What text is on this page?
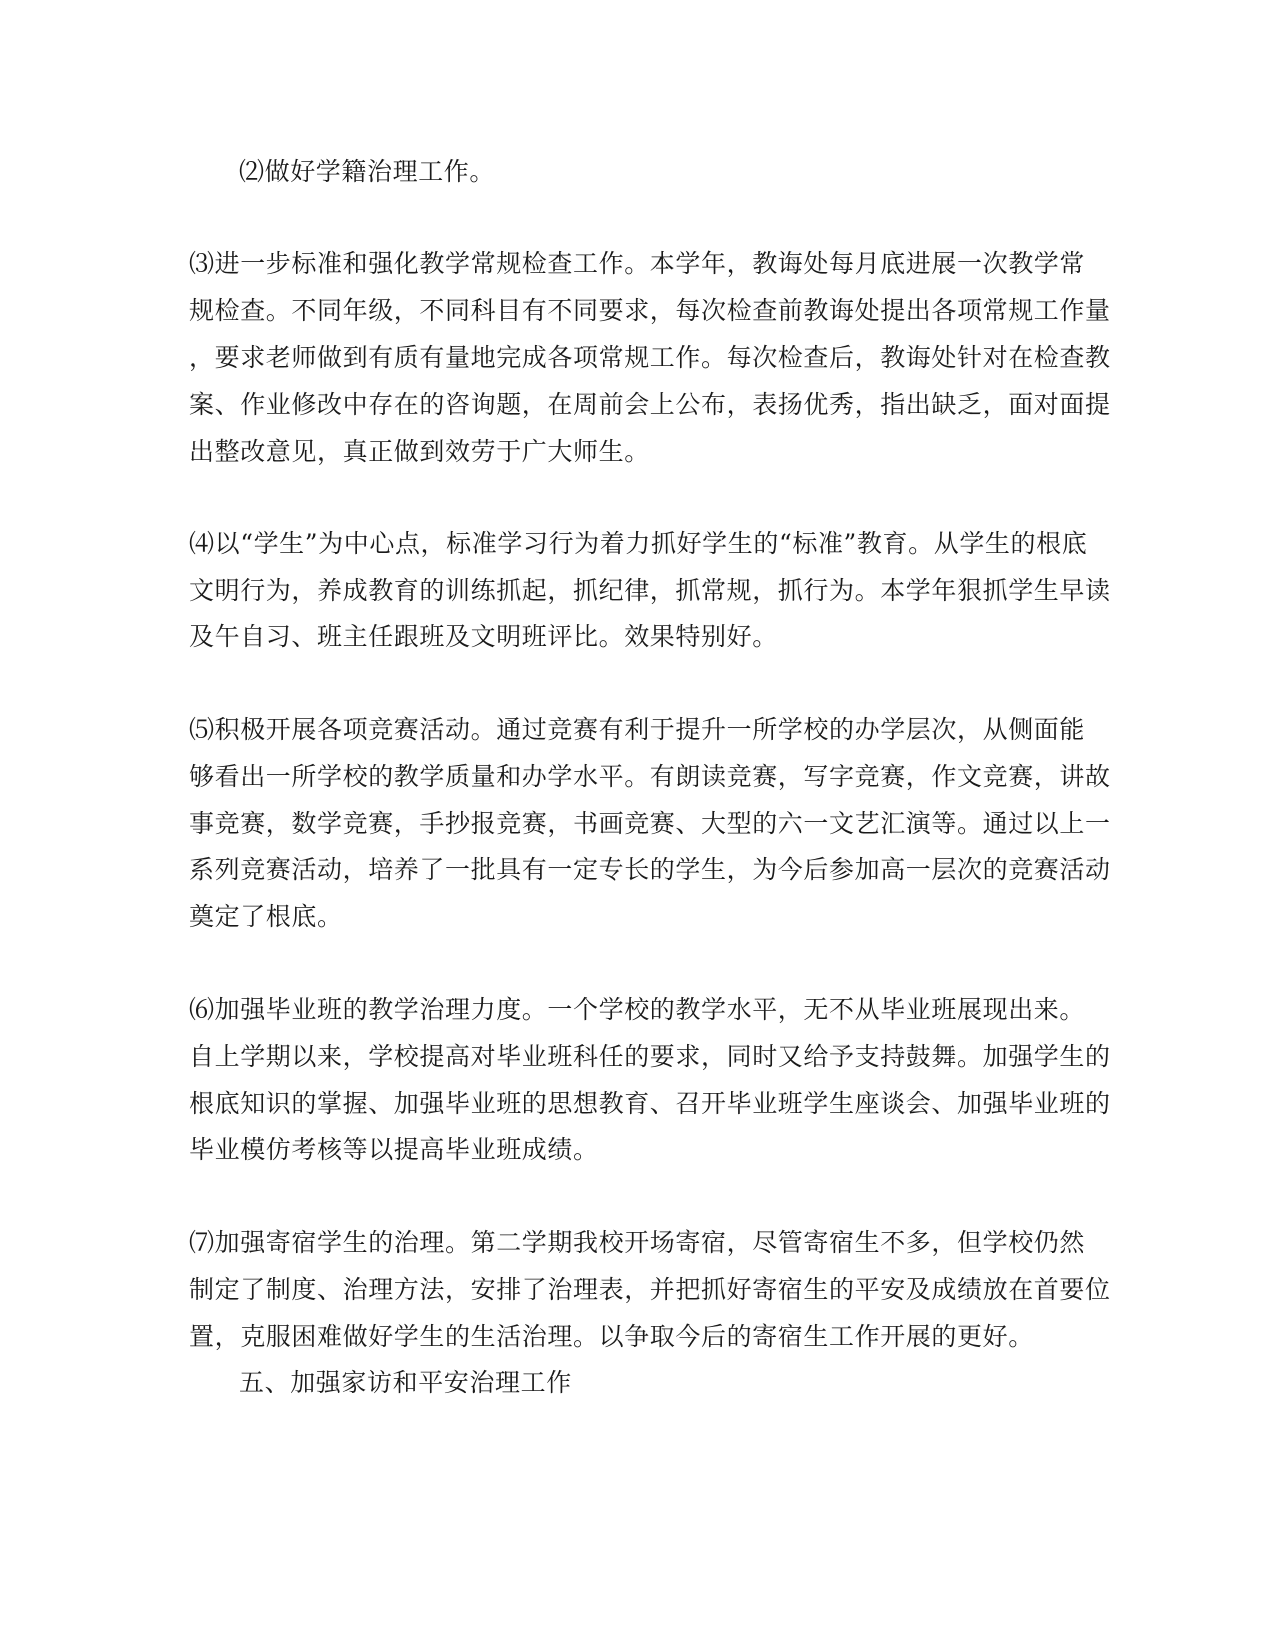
⑵做好学籍治理工作。
⑶进一步标准和强化教学常规检查工作。本学年，教诲处每月底进展一次教学常
规检查。不同年级，不同科目有不同要求，每次检查前教诲处提出各项常规工作量
，要求老师做到有质有量地完成各项常规工作。每次检查后，教诲处针对在检查教
案、作业修改中存在的咨询题，在周前会上公布，表扬优秀，指出缺乏，面对面提
出整改意见，真正做到效劳于广大师生。
⑷以“学生”为中心点，标准学习行为着力抓好学生的“标准”教育。从学生的根底
文明行为，养成教育的训练抓起，抓纪律，抓常规，抓行为。本学年狠抓学生早读
及午自习、班主任跟班及文明班评比。效果特别好。
⑸积极开展各项竞赛活动。通过竞赛有利于提升一所学校的办学层次，从侧面能
够看出一所学校的教学质量和办学水平。有朗读竞赛，写字竞赛，作文竞赛，讲故
事竞赛，数学竞赛，手抄报竞赛，书画竞赛、大型的六一文艺汇演等。通过以上一
系列竞赛活动，培养了一批具有一定专长的学生，为今后参加高一层次的竞赛活动
奠定了根底。
⑹加强毕业班的教学治理力度。一个学校的教学水平，无不从毕业班展现出来。
自上学期以来，学校提高对毕业班科任的要求，同时又给予支持鼓舞。加强学生的
根底知识的掌握、加强毕业班的思想教育、召开毕业班学生座谈会、加强毕业班的
毕业模仿考核等以提高毕业班成绩。
⑺加强寄宿学生的治理。第二学期我校开场寄宿，尽管寄宿生不多，但学校仍然
制定了制度、治理方法，安排了治理表，并把抓好寄宿生的平安及成绩放在首要位
置，克服困难做好学生的生活治理。以争取今后的寄宿生工作开展的更好。
五、加强家访和平安治理工作
